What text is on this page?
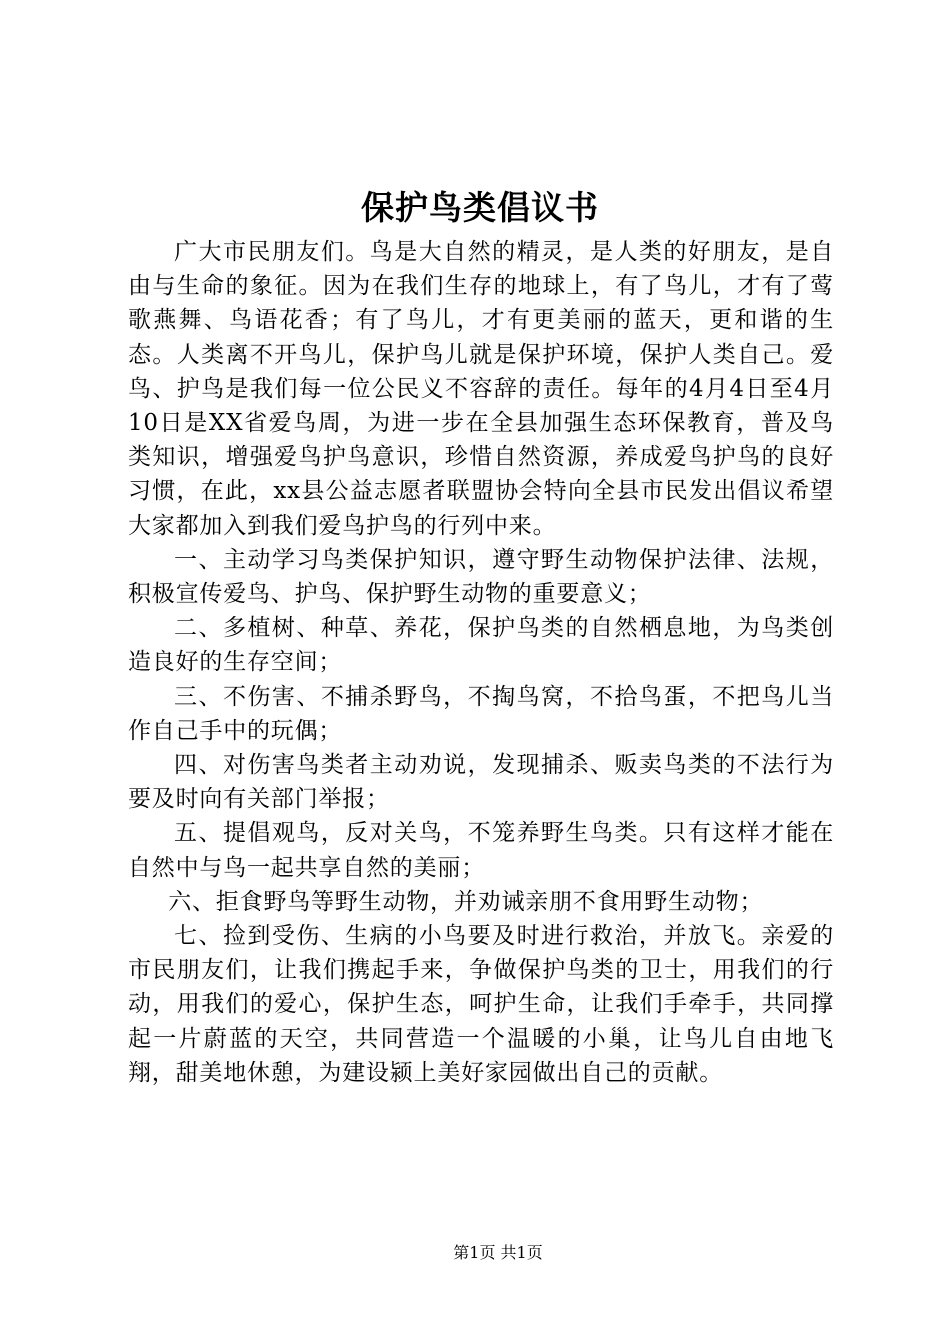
保护鸟类倡议书

广大市民朋友们。鸟是大自然的精灵，是人类的好朋友，是自由与生命的象征。因为在我们生存的地球上，有了鸟儿，才有了莺歌燕舞、鸟语花香；有了鸟儿，才有更美丽的蓝天，更和谐的生态。人类离不开鸟儿，保护鸟儿就是保护环境，保护人类自己。爱鸟、护鸟是我们每一位公民义不容辞的责任。每年的4月4日至4月10日是XX省爱鸟周，为进一步在全县加强生态环保教育，普及鸟类知识，增强爱鸟护鸟意识，珍惜自然资源，养成爱鸟护鸟的良好习惯，在此，xx县公益志愿者联盟协会特向全县市民发出倡议希望大家都加入到我们爱鸟护鸟的行列中来。

一、主动学习鸟类保护知识，遵守野生动物保护法律、法规，积极宣传爱鸟、护鸟、保护野生动物的重要意义；

二、多植树、种草、养花，保护鸟类的自然栖息地，为鸟类创造良好的生存空间；

三、不伤害、不捕杀野鸟，不掏鸟窝，不拾鸟蛋，不把鸟儿当作自己手中的玩偶；

四、对伤害鸟类者主动劝说，发现捕杀、贩卖鸟类的不法行为要及时向有关部门举报；

五、提倡观鸟，反对关鸟，不笼养野生鸟类。只有这样才能在自然中与鸟一起共享自然的美丽；

六、拒食野鸟等野生动物，并劝诫亲朋不食用野生动物；

七、捡到受伤、生病的小鸟要及时进行救治，并放飞。亲爱的市民朋友们，让我们携起手来，争做保护鸟类的卫士，用我们的行动，用我们的爱心，保护生态，呵护生命，让我们手牵手，共同撑起一片蔚蓝的天空，共同营造一个温暖的小巢，让鸟儿自由地飞翔，甜美地休憩，为建设颍上美好家园做出自己的贡献。

第1页 共1页
